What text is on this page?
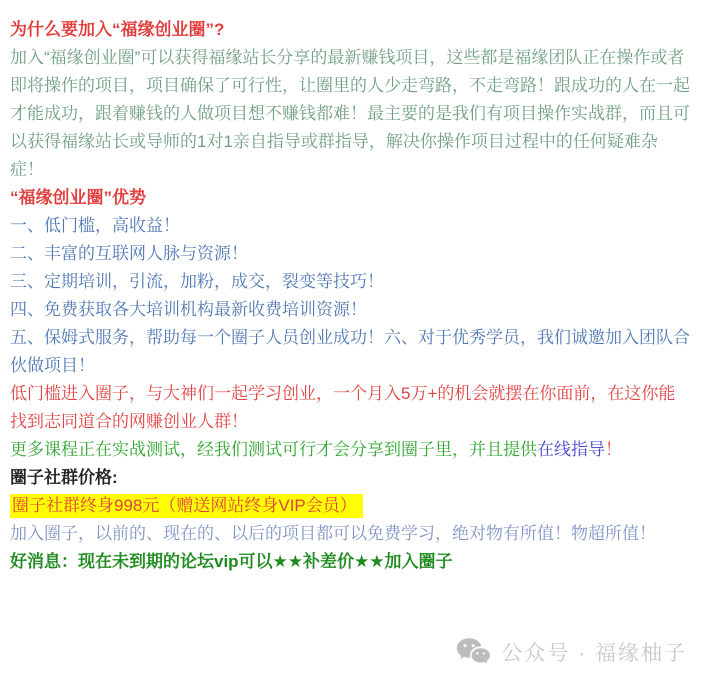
为什么要加入“福缘创业圈”?

加入“福缘创业圈”可以获得福缘站长分享的最新赚钱项目，这些都是福缘团队正在操作或者即将操作的项目，项目确保了可行性，让圈里的人少走弯路，不走弯路！跟成功的人在一起才能成功，跟着赚钱的人做项目想不赚钱都难！最主要的是我们有项目操作实战群，而且可以获得福缘站长或导师的1对1亲自指导或群指导，解决你操作项目过程中的任何疑难杂症！

“福缘创业圈”优势
一、低门槛，高收益！
二、丰富的互联网人脉与资源！
三、定期培训，引流，加粉，成交，裂变等技巧！
四、免费获取各大培训机构最新收费培训资源！
五、保姆式服务，帮助每一个圈子人员创业成功！六、对于优秀学员，我们诚邀加入团队合伙做项目！

低门槛进入圈子，与大神们一起学习创业，一个月入5万+的机会就摆在你面前，在这你能找到志同道合的网赚创业人群！

更多课程正在实战测试，经我们测试可行才会分享到圈子里，并且提供在线指导！

圈子社群价格:

圈子社群终身998元（赠送网站终身VIP会员）

加入圈子，以前的、现在的、以后的项目都可以免费学习，绝对物有所值！物超所值！

好消息：现在未到期的论坛vip可以★★补差价★★加入圈子

公众号 · 福缘柚子
